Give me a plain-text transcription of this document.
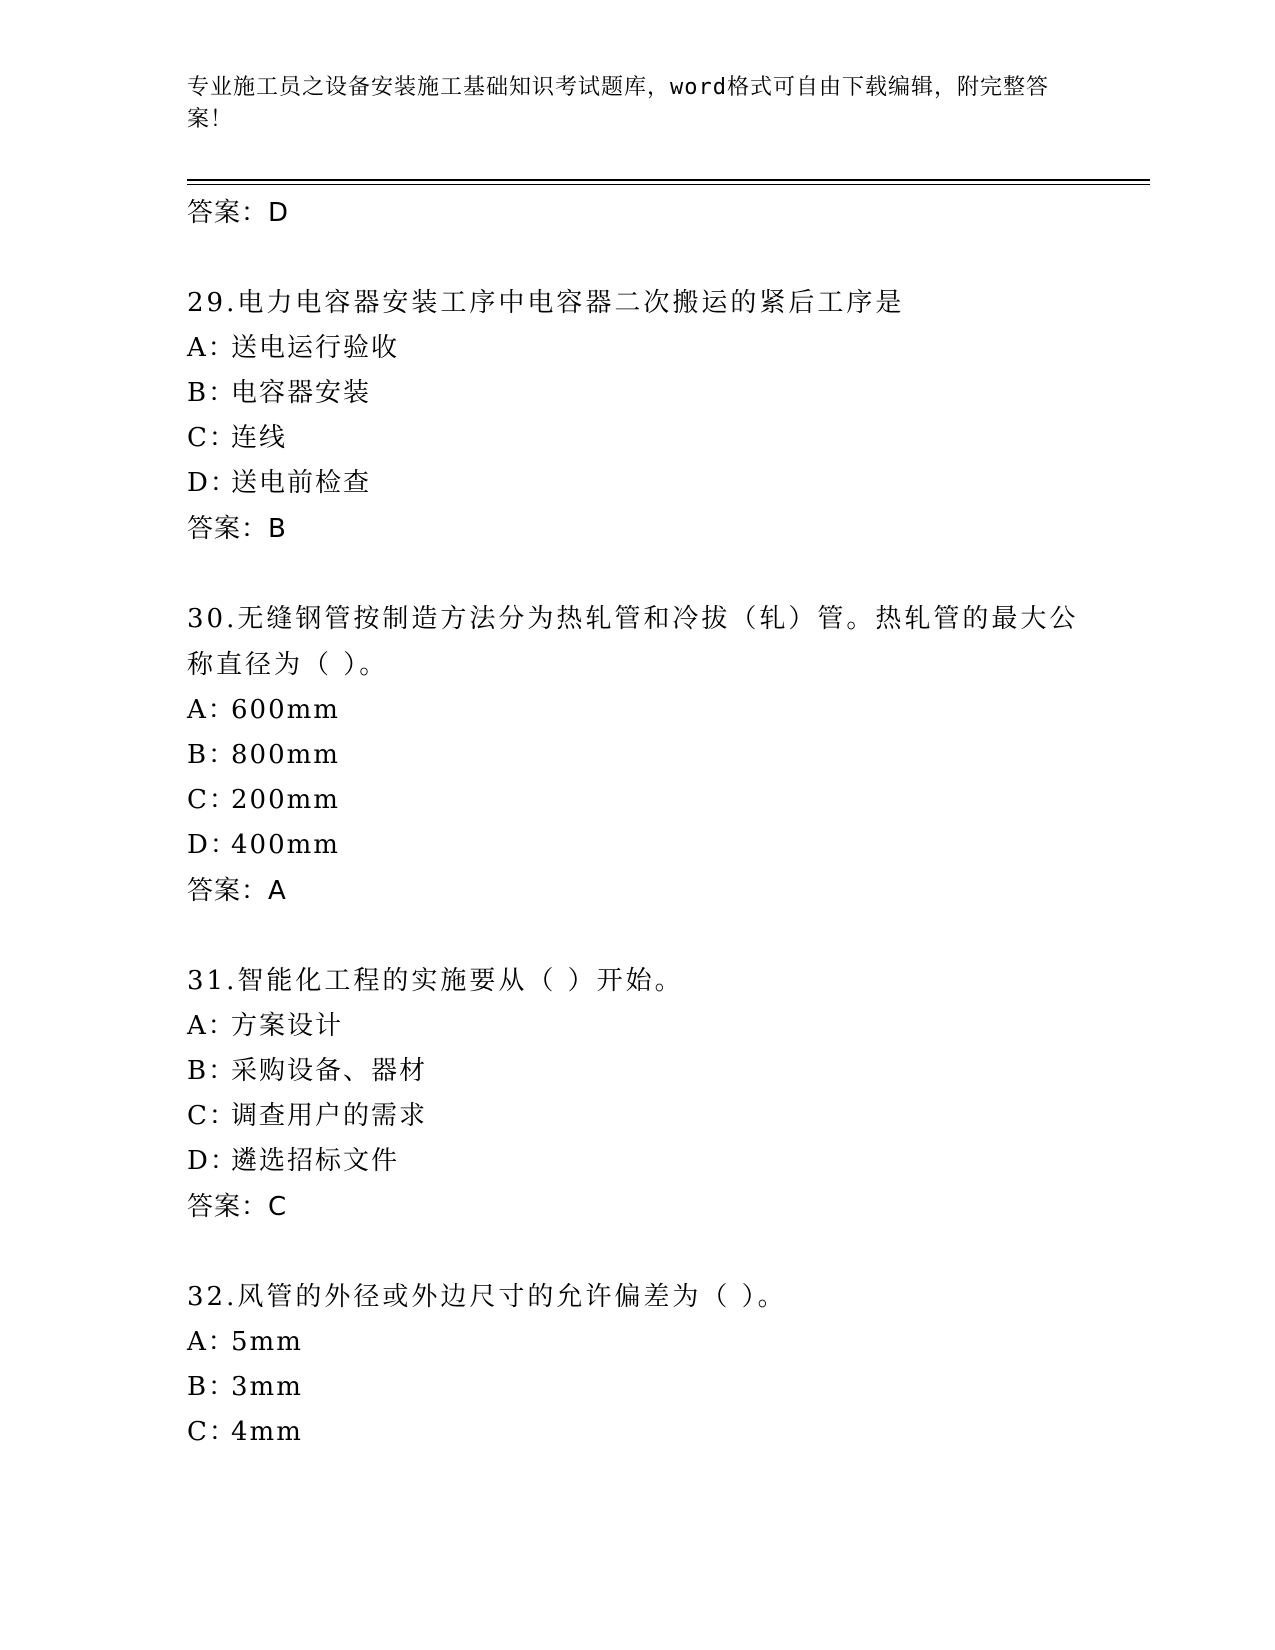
专业施工员之设备安装施工基础知识考试题库，word格式可自由下载编辑，附完整答案！
答案：D
29.电力电容器安装工序中电容器二次搬运的紧后工序是
A：送电运行验收
B：电容器安装
C：连线
D：送电前检查
答案：B
30.无缝钢管按制造方法分为热轧管和冷拔（轧）管。热轧管的最大公称直径为（ ）。
A：600mm
B：800mm
C：200mm
D：400mm
答案：A
31.智能化工程的实施要从（ ）开始。
A：方案设计
B：采购设备、器材
C：调查用户的需求
D：遴选招标文件
答案：C
32.风管的外径或外边尺寸的允许偏差为（ ）。
A：5mm
B：3mm
C：4mm
